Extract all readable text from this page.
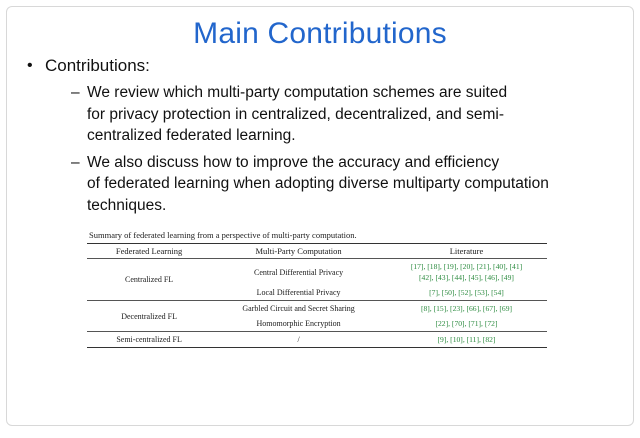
Main Contributions
• Contributions:
– We review which multi-party computation schemes are suited
for privacy protection in centralized, decentralized, and semi-
centralized federated learning.
– We also discuss how to improve the accuracy and efficiency
of federated learning when adopting diverse multiparty computation
techniques.
Summary of federated learning from a perspective of multi-party computation.
Federated Learning	Multi-Party Computation	Literature
Centralized FL	Central Differential Privacy	[17], [18], [19], [20], [21], [40], [41]
[42], [43], [44], [45], [46], [49]

	Local Differential Privacy	[7], [50], [52], [53], [54]

Decentralized FL	Garbled Circuit and Secret Sharing	[8], [15], [23], [66], [67], [69]

	Homomorphic Encryption	[22], [70], [71], [72]

Semi-centralized FL	/	[9], [10], [11], [82]
